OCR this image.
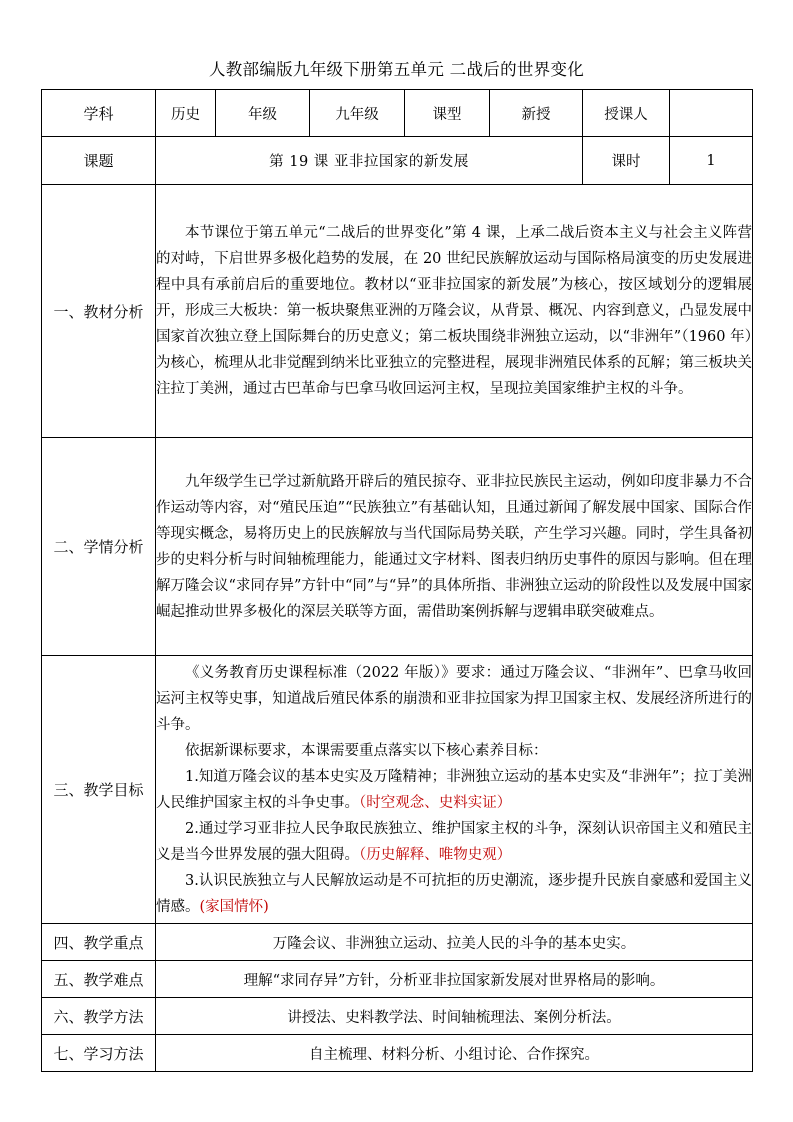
人教部编版九年级下册第五单元 二战后的世界变化
学科	历史	年级	九年级	课型	新授	授课人	
课题	第 19 课 亚非拉国家的新发展					课时	1
一、教材分析	本节课位于第五单元“二战后的世界变化”第 4 课，上承二战后资本主义与社会主义阵营的对峙，下启世界多极化趋势的发展，在 20 世纪民族解放运动与国际格局演变的历史发展进程中具有承前启后的重要地位。教材以“亚非拉国家的新发展”为核心，按区域划分的逻辑展开，形成三大板块：第一板块聚焦亚洲的万隆会议，从背景、概况、内容到意义，凸显发展中国家首次独立登上国际舞台的历史意义；第二板块围绕非洲独立运动，以“非洲年”（1960 年）为核心，梳理从北非觉醒到纳米比亚独立的完整进程，展现非洲殖民体系的瓦解；第三板块关注拉丁美洲，通过古巴革命与巴拿马收回运河主权，呈现拉美国家维护主权的斗争。						

二、学情分析	九年级学生已学过新航路开辟后的殖民掠夺、亚非拉民族民主运动，例如印度非暴力不合作运动等内容，对“殖民压迫”“民族独立”有基础认知，且通过新闻了解发展中国家、国际合作等现实概念，易将历史上的民族解放与当代国际局势关联，产生学习兴趣。同时，学生具备初步的史料分析与时间轴梳理能力，能通过文字材料、图表归纳历史事件的原因与影响。但在理解万隆会议“求同存异”方针中“同”与“异”的具体所指、非洲独立运动的阶段性以及发展中国家崛起推动世界多极化的深层关联等方面，需借助案例拆解与逻辑串联突破难点。						

三、教学目标	《义务教育历史课程标准（2022 年版）》要求：通过万隆会议、“非洲年”、巴拿马收回运河主权等史事，知道战后殖民体系的崩溃和亚非拉国家为捍卫国家主权、发展经济所进行的斗争。

依据新课标要求，本课需要重点落实以下核心素养目标：

1.知道万隆会议的基本史实及万隆精神；非洲独立运动的基本史实及“非洲年”；拉丁美洲人民维护国家主权的斗争史事。（时空观念、史料实证）

2.通过学习亚非拉人民争取民族独立、维护国家主权的斗争，深刻认识帝国主义和殖民主义是当今世界发展的强大阻碍。（历史解释、唯物史观）

3.认识民族独立与人民解放运动是不可抗拒的历史潮流，逐步提升民族自豪感和爱国主义情感。(家国情怀)						

四、教学重点	万隆会议、非洲独立运动、拉美人民的斗争的基本史实。						
五、教学难点	理解“求同存异”方针，分析亚非拉国家新发展对世界格局的影响。						
六、教学方法	讲授法、史料教学法、时间轴梳理法、案例分析法。						
七、学习方法	自主梳理、材料分析、小组讨论、合作探究。						
